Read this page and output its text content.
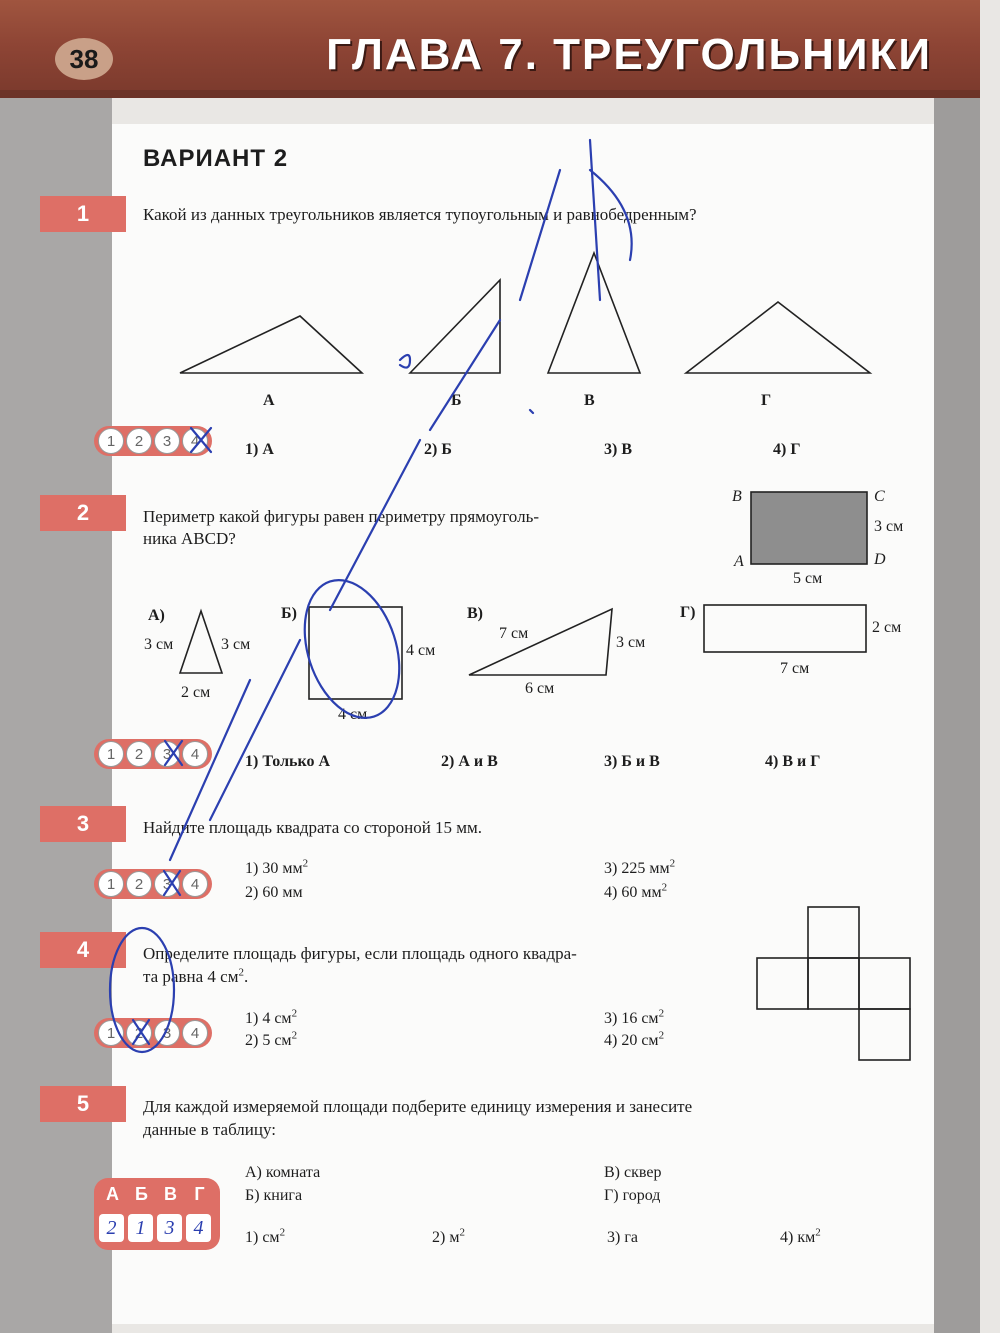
38	ГЛАВА 7. ТРЕУГОЛЬНИКИ
ВАРИАНТ 2
1	Какой из данных треугольников является тупоугольным и равнобедренным?
А	Б	В	Г
1	2	3	4	1) А	2) Б	3) В	4) Г
2	Периметр какой фигуры равен периметру прямоуголь-
ника ABCD?
B	C
A	D
3 см
5 см
А)
3 см	3 см
2 см
Б)
4 см
4 см
В)
7 см
3 см
6 см
Г)
2 см
7 см
1	2	3	4	1) Только А	2) А и В	3) Б и В	4) В и Г
3	Найдите площадь квадрата со стороной 15 мм.
1	2	3	4
1) 30 $мм^2$
2) 60 мм
3) 225 $мм^2$
4) 60 $мм^2$
4	Определите площадь фигуры, если площадь одного квадра-
та равна 4 $см^2$.
1	2	3	4
1) 4 $см^2$
2) 5 $см^2$
3) 16 $см^2$
4) 20 $см^2$
5	Для каждой измеряемой площади подберите единицу измерения и занесите
данные в таблицу:
А) комната
Б) книга
В) сквер
Г) город
1) $см^2$	2) $м^2$	3) га	4) $км^2$
А Б В Г
2 1 3 4
